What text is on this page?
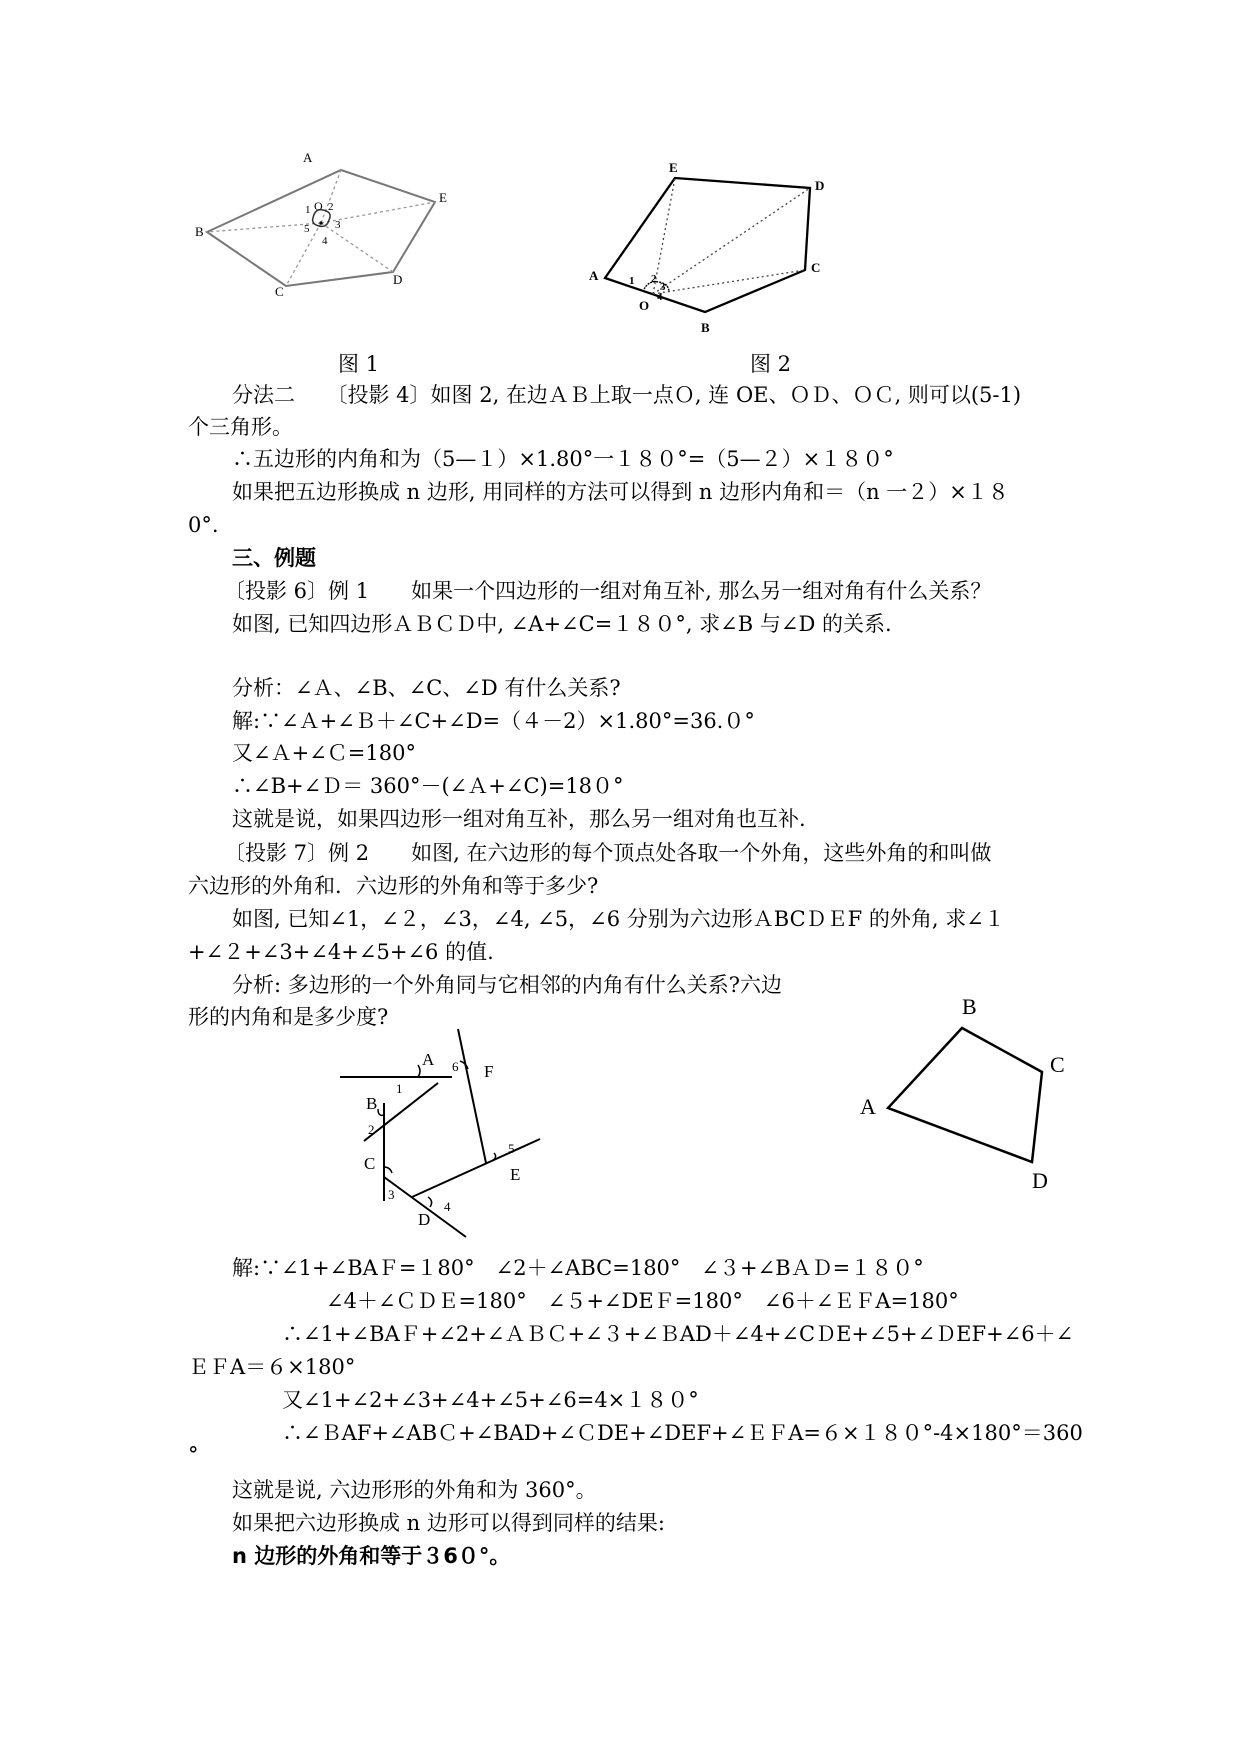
A
E
B
C
D
O
1 2
3
4
5
E
D
C
B
A
O
1 2
3
4
图 1	图 2
分法二　　〔投影 4〕如图 2, 在边ＡＢ上取一点Ｏ, 连 OE、ＯＤ、ＯＣ, 则可以(5-1)
个三角形。
∴五边形的内角和为（5—１）×1.80°一１８０°=（5—２）×１８０°
如果把五边形换成 n 边形, 用同样的方法可以得到 n 边形内角和＝（n 一２）×１８
0°.
三、例题
〔投影 6〕例 1　　如果一个四边形的一组对角互补, 那么另一组对角有什么关系？
如图, 已知四边形ＡＢＣＤ中, ∠A+∠C=１８０°, 求∠B 与∠D 的关系.
分析：∠Ａ、∠B、∠C、∠D 有什么关系?
解:∵∠Ａ+∠Ｂ＋∠C+∠D=（４－2）×1.80°=36.０°
又∠Ａ+∠Ｃ=180°
∴∠B+∠Ｄ＝ 360°－(∠Ａ+∠C)=18０°
这就是说，如果四边形一组对角互补，那么另一组对角也互补.
〔投影 7〕例 2　　如图, 在六边形的每个顶点处各取一个外角，这些外角的和叫做
六边形的外角和．六边形的外角和等于多少?
如图, 已知∠1，∠２，∠3，∠4, ∠5，∠6 分别为六边形ＡBCＤＥF 的外角, 求∠１
+∠２+∠3+∠4+∠5+∠6 的值.
分析: 多边形的一个外角同与它相邻的内角有什么关系?六边
形的内角和是多少度?
A
F
B
C
D
E
1
2
3
4
5
6
B
C
A
D
解:∵∠1+∠BAＦ=１80°　∠2＋∠ABC=180°　∠３+∠BＡＤ=１８０°
∠4＋∠ＣＤＥ=180°　∠５+∠DEＦ=180°　∠6＋∠ＥＦA=180°
∴∠1+∠BAＦ+∠2+∠ＡＢＣ+∠３+∠ＢAD＋∠4+∠CＤE+∠5+∠ＤEF+∠6＋∠
ＥＦA＝６×180°
又∠1+∠2+∠3+∠4+∠5+∠6=4×１８０°
∴∠ＢAF+∠ABＣ+∠BAD+∠ＣDE+∠DEF+∠ＥＦA=６×１８０°-4×180°＝360
°
这就是说, 六边形形的外角和为 360°。
如果把六边形换成 n 边形可以得到同样的结果:
n 边形的外角和等于３6０°。
